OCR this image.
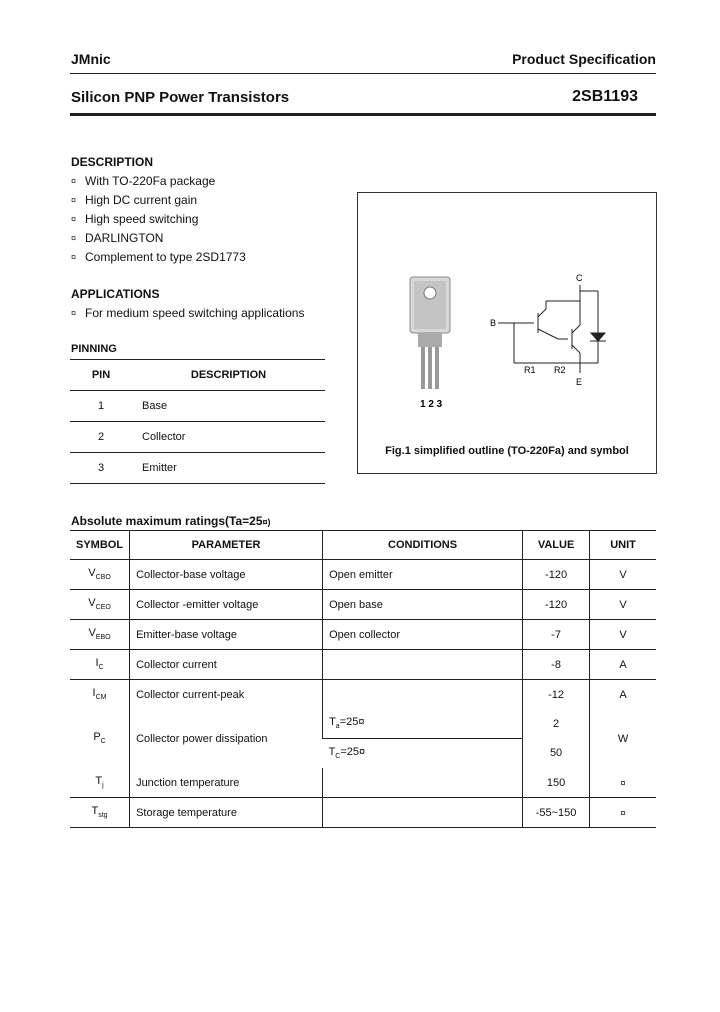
JMnic	Product Specification
Silicon PNP Power Transistors	2SB1193
DESCRIPTION
¤ With TO-220Fa package
¤ High DC current gain
¤ High speed switching
¤ DARLINGTON
¤ Complement to type 2SD1773
APPLICATIONS
¤ For medium speed switching applications
PINNING
PIN	DESCRIPTION
1	Base
2	Collector
3	Emitter
1 2 3
C
B
E
R1 R2
Fig.1 simplified outline (TO-220Fa) and symbol
Absolute maximum ratings(Ta=25¤)
SYMBOL	PARAMETER	CONDITIONS	VALUE	UNIT
$V_{CBO}$	Collector-base voltage	Open emitter	-120	V
$V_{CEO}$	Collector -emitter voltage	Open base	-120	V
$V_{EBO}$	Emitter-base voltage	Open collector	-7	V
$I_C$	Collector current		-8	A
$I_{CM}$	Collector current-peak		-12	A
$P_C$	Collector power dissipation	$T_a=25¤$	2	W
		$T_C=25¤$	50	
$T_j$	Junction temperature		150	¤
$T_{stg}$	Storage temperature		-55~150	¤
